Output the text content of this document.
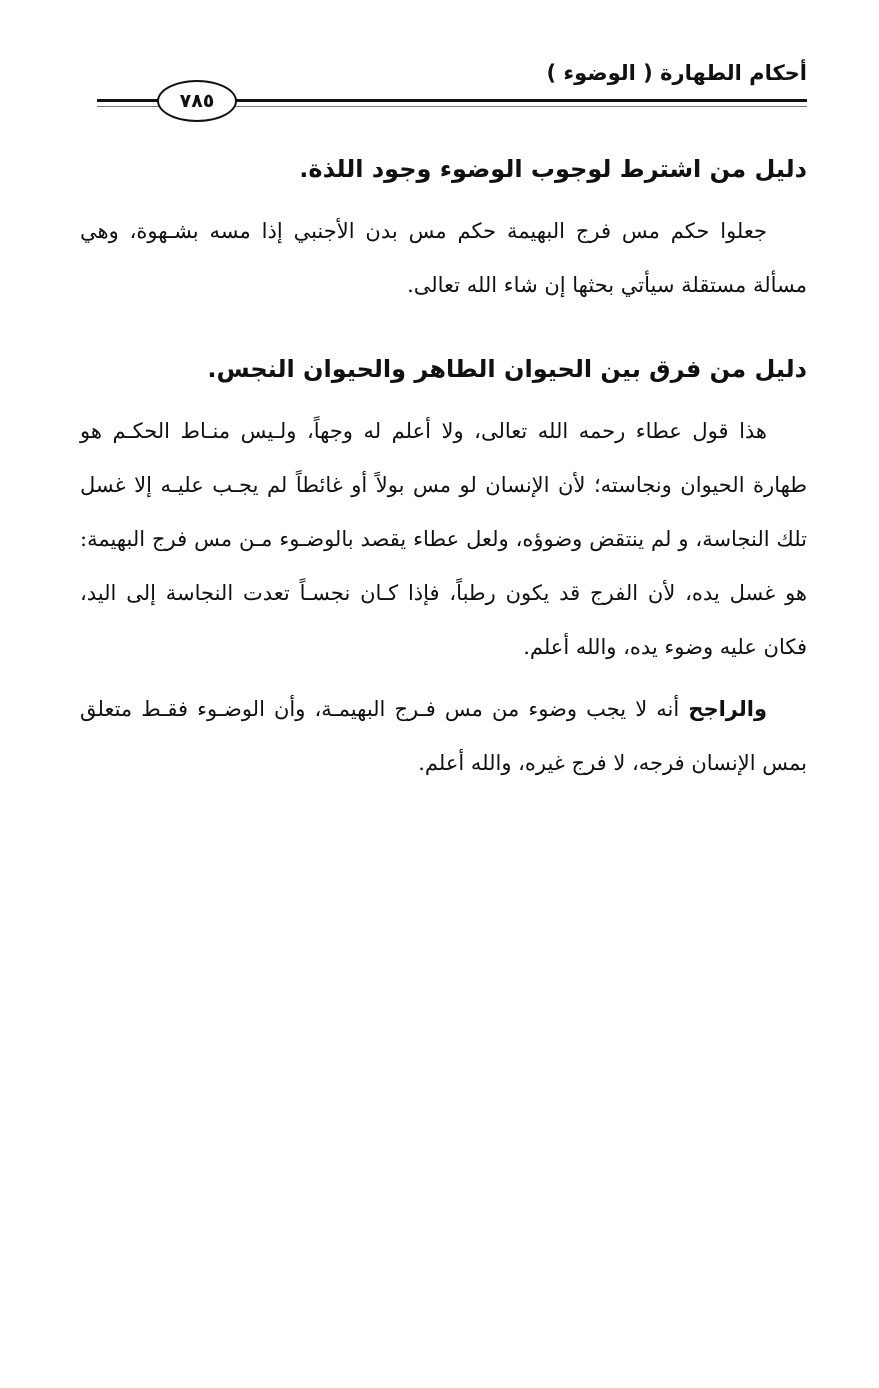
أحكام الطهارة ( الوضوء )
٧٨٥
دليل من اشترط لوجوب الوضوء وجود اللذة.

جعلوا حكم مس فرج البهيمة حكم مس بدن الأجنبي إذا مسه بشـهوة، وهي مسألة مستقلة سيأتي بحثها إن شاء الله تعالى.

دليل من فرق بين الحيوان الطاهر والحيوان النجس.

هذا قول عطاء رحمه الله تعالى، ولا أعلم له وجهاً، ولـيس منـاط الحكـم هو طهارة الحيوان ونجاسته؛ لأن الإنسان لو مس بولاً أو غائطاً لم يجـب عليـه إلا غسل تلك النجاسة، و لم ينتقض وضوؤه، ولعل عطاء يقصد بالوضـوء مـن مس فرج البهيمة: هو غسل يده، لأن الفرج قد يكون رطباً، فإذا كـان نجسـاً تعدت النجاسة إلى اليد، فكان عليه وضوء يده، والله أعلم.

والراجح أنه لا يجب وضوء من مس فـرج البهيمـة، وأن الوضـوء فقـط متعلق بمس الإنسان فرجه، لا فرج غيره، والله أعلم.
